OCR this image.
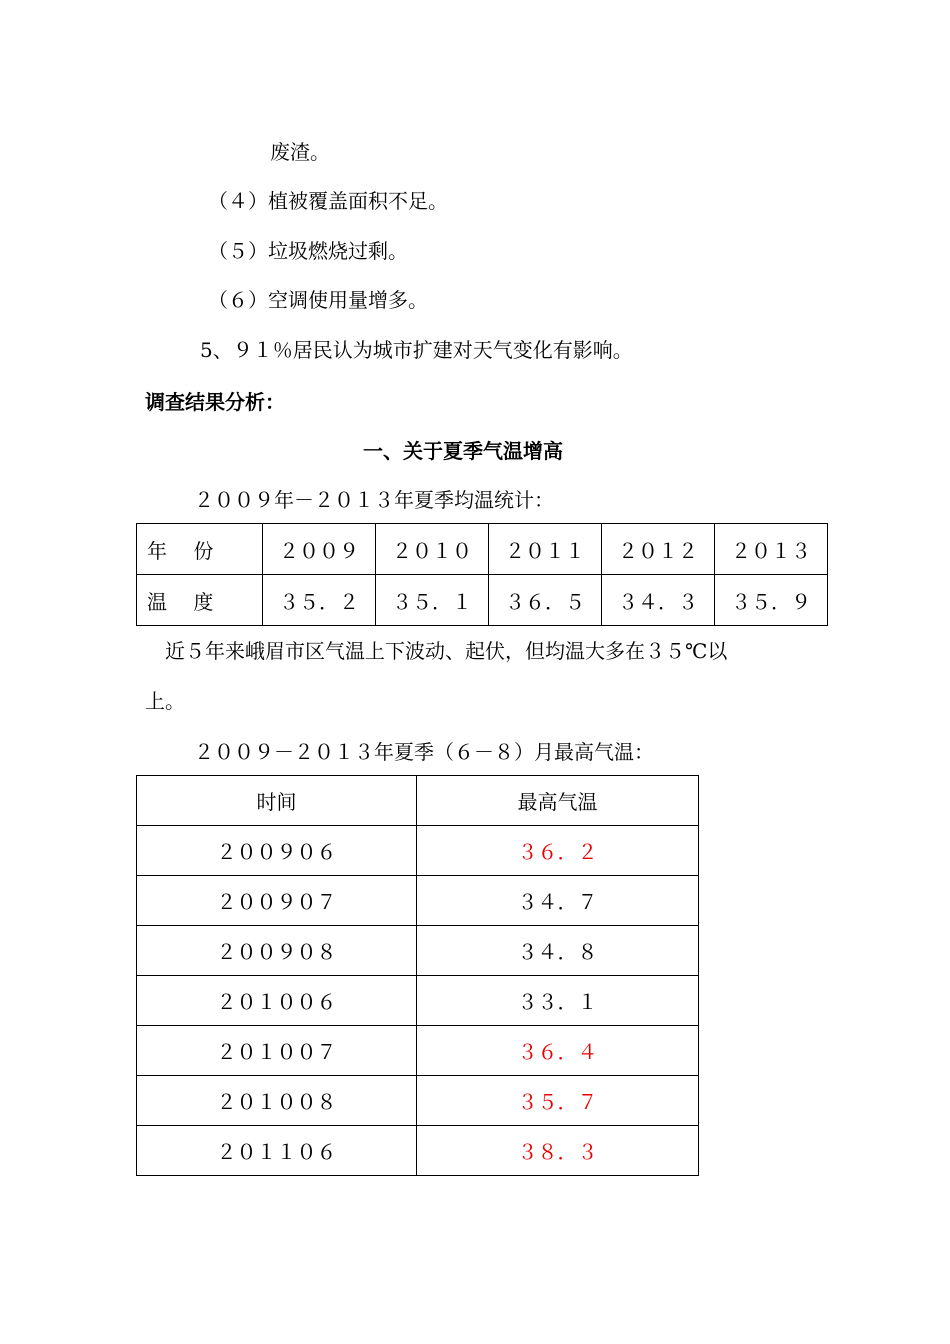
废渣。
（４）植被覆盖面积不足。
（５）垃圾燃烧过剩。
（６）空调使用量增多。
5、９１％居民认为城市扩建对天气变化有影响。
调查结果分析：
一、关于夏季气温增高
２００９年－２０１３年夏季均温统计：
年　 份	２００９	２０１０	２０１１	２０１２	２０１３
温　 度	３５．２	３５．１	３６．５	３４．３	３５．９
近５年来峨眉市区气温上下波动、起伏，但均温大多在３５℃以
上。
２００９－２０１３年夏季（６－８）月最高气温：
时间	最高气温
２００９０６	３６．２
２００９０７	３４．７
２００９０８	３４．８
２０１００６	３３．１
２０１００７	３６．４
２０１００８	３５．７
２０１１０６	３８．３
